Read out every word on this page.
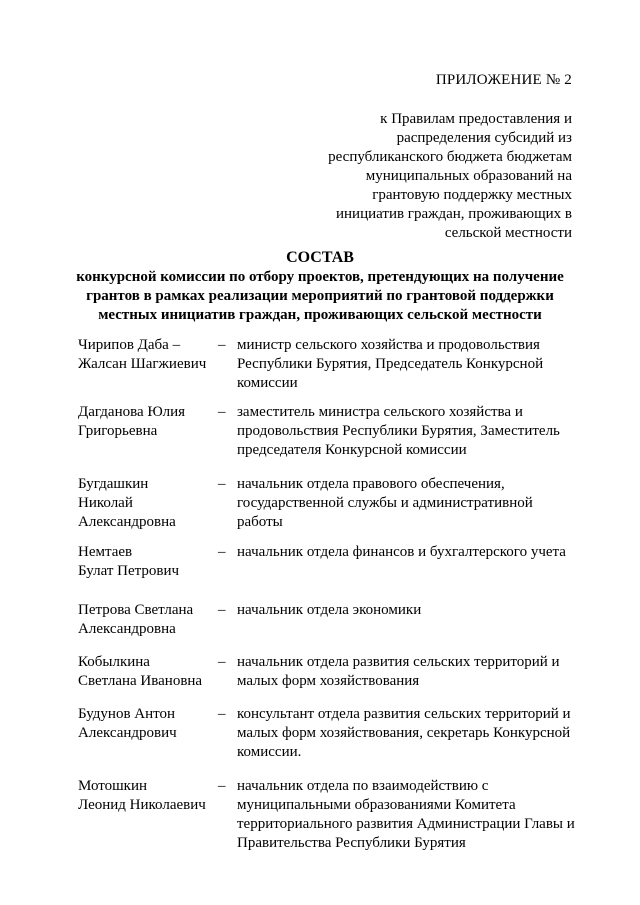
ПРИЛОЖЕНИЕ № 2

к Правилам предоставления и
распределения субсидий из
республиканского бюджета бюджетам
муниципальных образований на
грантовую поддержку местных
инициатив граждан, проживающих в
сельской местности
СОСТАВ
конкурсной комиссии по отбору проектов, претендующих на получение
грантов в рамках реализации мероприятий по грантовой поддержки
местных инициатив граждан, проживающих сельской местности
Чирипов Даба –
Жалсан Шагжиевич
– министр сельского хозяйства и продовольствия
Республики Бурятия, Председатель Конкурсной
комиссии
Дагданова Юлия
Григорьевна
– заместитель министра сельского хозяйства и
продовольствия Республики Бурятия, Заместитель
председателя Конкурсной комиссии
Бугдашкин
Николай
Александровна
– начальник отдела правового обеспечения,
государственной службы и административной
работы
Немтаев
Булат Петрович
– начальник отдела финансов и бухгалтерского учета
Петрова Светлана
Александровна
– начальник отдела экономики
Кобылкина
Светлана Ивановна
– начальник отдела развития сельских территорий и
малых форм хозяйствования
Будунов Антон
Александрович
– консультант отдела развития сельских территорий и
малых форм хозяйствования, секретарь Конкурсной
комиссии.
Мотошкин
Леонид Николаевич
– начальник отдела по взаимодействию с
муниципальными образованиями Комитета
территориального развития Администрации Главы и
Правительства Республики Бурятия
